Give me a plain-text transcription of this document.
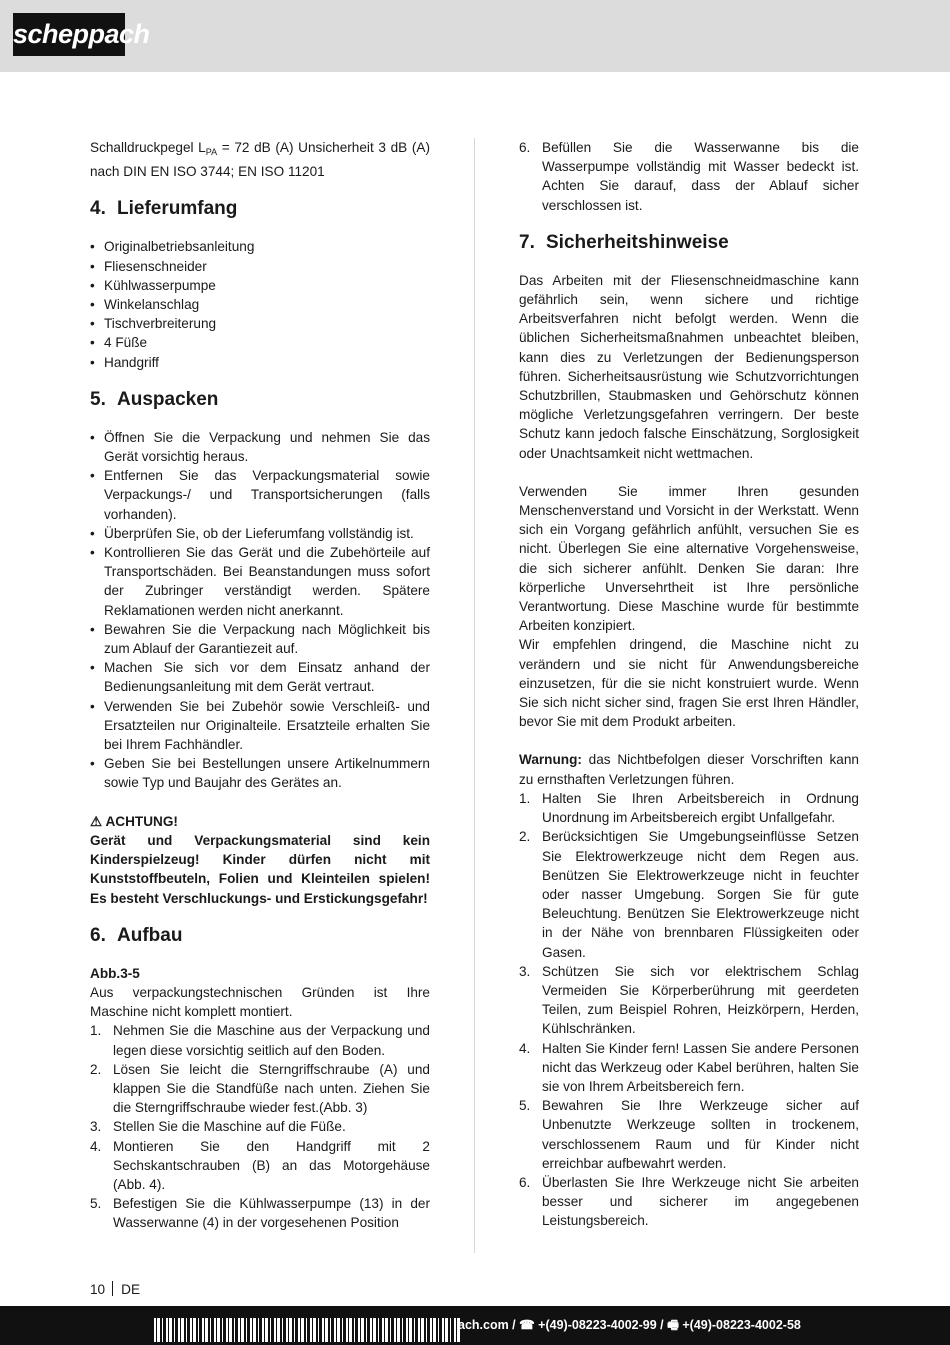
scheppach

Schalldruckpegel $L_{PA} = 72$ dB (A) Unsicherheit 3 dB (A) nach DIN EN ISO 3744; EN ISO 11201

4. Lieferumfang
• Originalbetriebsanleitung
• Fliesenschneider
• Kühlwasserpumpe
• Winkelanschlag
• Tischverbreiterung
• 4 Füße
• Handgriff
5. Auspacken
• Öffnen Sie die Verpackung und nehmen Sie das Gerät vorsichtig heraus.
• Entfernen Sie das Verpackungsmaterial sowie Verpackungs-/ und Transportsicherungen (falls vorhanden).
• Überprüfen Sie, ob der Lieferumfang vollständig ist.
• Kontrollieren Sie das Gerät und die Zubehörteile auf Transportschäden. Bei Beanstandungen muss sofort der Zubringer verständigt werden. Spätere Reklamationen werden nicht anerkannt.
• Bewahren Sie die Verpackung nach Möglichkeit bis zum Ablauf der Garantiezeit auf.
• Machen Sie sich vor dem Einsatz anhand der Bedienungsanleitung mit dem Gerät vertraut.
• Verwenden Sie bei Zubehör sowie Verschleiß- und Ersatzteilen nur Originalteile. Ersatzteile erhalten Sie bei Ihrem Fachhändler.
• Geben Sie bei Bestellungen unsere Artikelnummern sowie Typ und Baujahr des Gerätes an.

⚠ ACHTUNG!

Gerät und Verpackungsmaterial sind kein Kinderspielzeug! Kinder dürfen nicht mit Kunststoffbeuteln, Folien und Kleinteilen spielen! Es besteht Verschluckungs- und Erstickungsgefahr!

6. Aufbau

Abb.3-5

Aus verpackungstechnischen Gründen ist Ihre Maschine nicht komplett montiert.

1. Nehmen Sie die Maschine aus der Verpackung und legen diese vorsichtig seitlich auf den Boden.
2. Lösen Sie leicht die Sterngriffschraube (A) und klappen Sie die Standfüße nach unten. Ziehen Sie die Sterngriffschraube wieder fest.(Abb. 3)
3. Stellen Sie die Maschine auf die Füße.
4. Montieren Sie den Handgriff mit 2 Sechskantschrauben (B) an das Motorgehäuse (Abb. 4).
5. Befestigen Sie die Kühlwasserpumpe (13) in der Wasserwanne (4) in der vorgesehenen Position
6. Befüllen Sie die Wasserwanne bis die Wasserpumpe vollständig mit Wasser bedeckt ist. Achten Sie darauf, dass der Ablauf sicher verschlossen ist.
7. Sicherheitshinweise

Das Arbeiten mit der Fliesenschneidmaschine kann gefährlich sein, wenn sichere und richtige Arbeitsverfahren nicht befolgt werden. Wenn die üblichen Sicherheitsmaßnahmen unbeachtet bleiben, kann dies zu Verletzungen der Bedienungsperson führen. Sicherheitsausrüstung wie Schutzvorrichtungen Schutzbrillen, Staubmasken und Gehörschutz können mögliche Verletzungsgefahren verringern. Der beste Schutz kann jedoch falsche Einschätzung, Sorglosigkeit oder Unachtsamkeit nicht wettmachen.

Verwenden Sie immer Ihren gesunden Menschenverstand und Vorsicht in der Werkstatt. Wenn sich ein Vorgang gefährlich anfühlt, versuchen Sie es nicht. Überlegen Sie eine alternative Vorgehensweise, die sich sicherer anfühlt. Denken Sie daran: Ihre körperliche Unversehrtheit ist Ihre persönliche Verantwortung. Diese Maschine wurde für bestimmte Arbeiten konzipiert.

Wir empfehlen dringend, die Maschine nicht zu verändern und sie nicht für Anwendungsbereiche einzusetzen, für die sie nicht konstruiert wurde. Wenn Sie sich nicht sicher sind, fragen Sie erst Ihren Händler, bevor Sie mit dem Produkt arbeiten.

Warnung: das Nichtbefolgen dieser Vorschriften kann zu ernsthaften Verletzungen führen.

1. Halten Sie Ihren Arbeitsbereich in Ordnung Unordnung im Arbeitsbereich ergibt Unfallgefahr.
2. Berücksichtigen Sie Umgebungseinflüsse Setzen Sie Elektrowerkzeuge nicht dem Regen aus. Benützen Sie Elektrowerkzeuge nicht in feuchter oder nasser Umgebung. Sorgen Sie für gute Beleuchtung. Benützen Sie Elektrowerkzeuge nicht in der Nähe von brennbaren Flüssigkeiten oder Gasen.
3. Schützen Sie sich vor elektrischem Schlag Vermeiden Sie Körperberührung mit geerdeten Teilen, zum Beispiel Rohren, Heizkörpern, Herden, Kühlschränken.
4. Halten Sie Kinder fern! Lassen Sie andere Personen nicht das Werkzeug oder Kabel berühren, halten Sie sie von Ihrem Arbeitsbereich fern.
5. Bewahren Sie Ihre Werkzeuge sicher auf Unbenutzte Werkzeuge sollten in trockenem, verschlossenem Raum und für Kinder nicht erreichbar aufbewahrt werden.
6. Überlasten Sie Ihre Werkzeuge nicht Sie arbeiten besser und sicherer im angegebenen Leistungsbereich.
10 DE
ach.com / ☎ +(49)-08223-4002-99 / 🖷 +(49)-08223-4002-58
